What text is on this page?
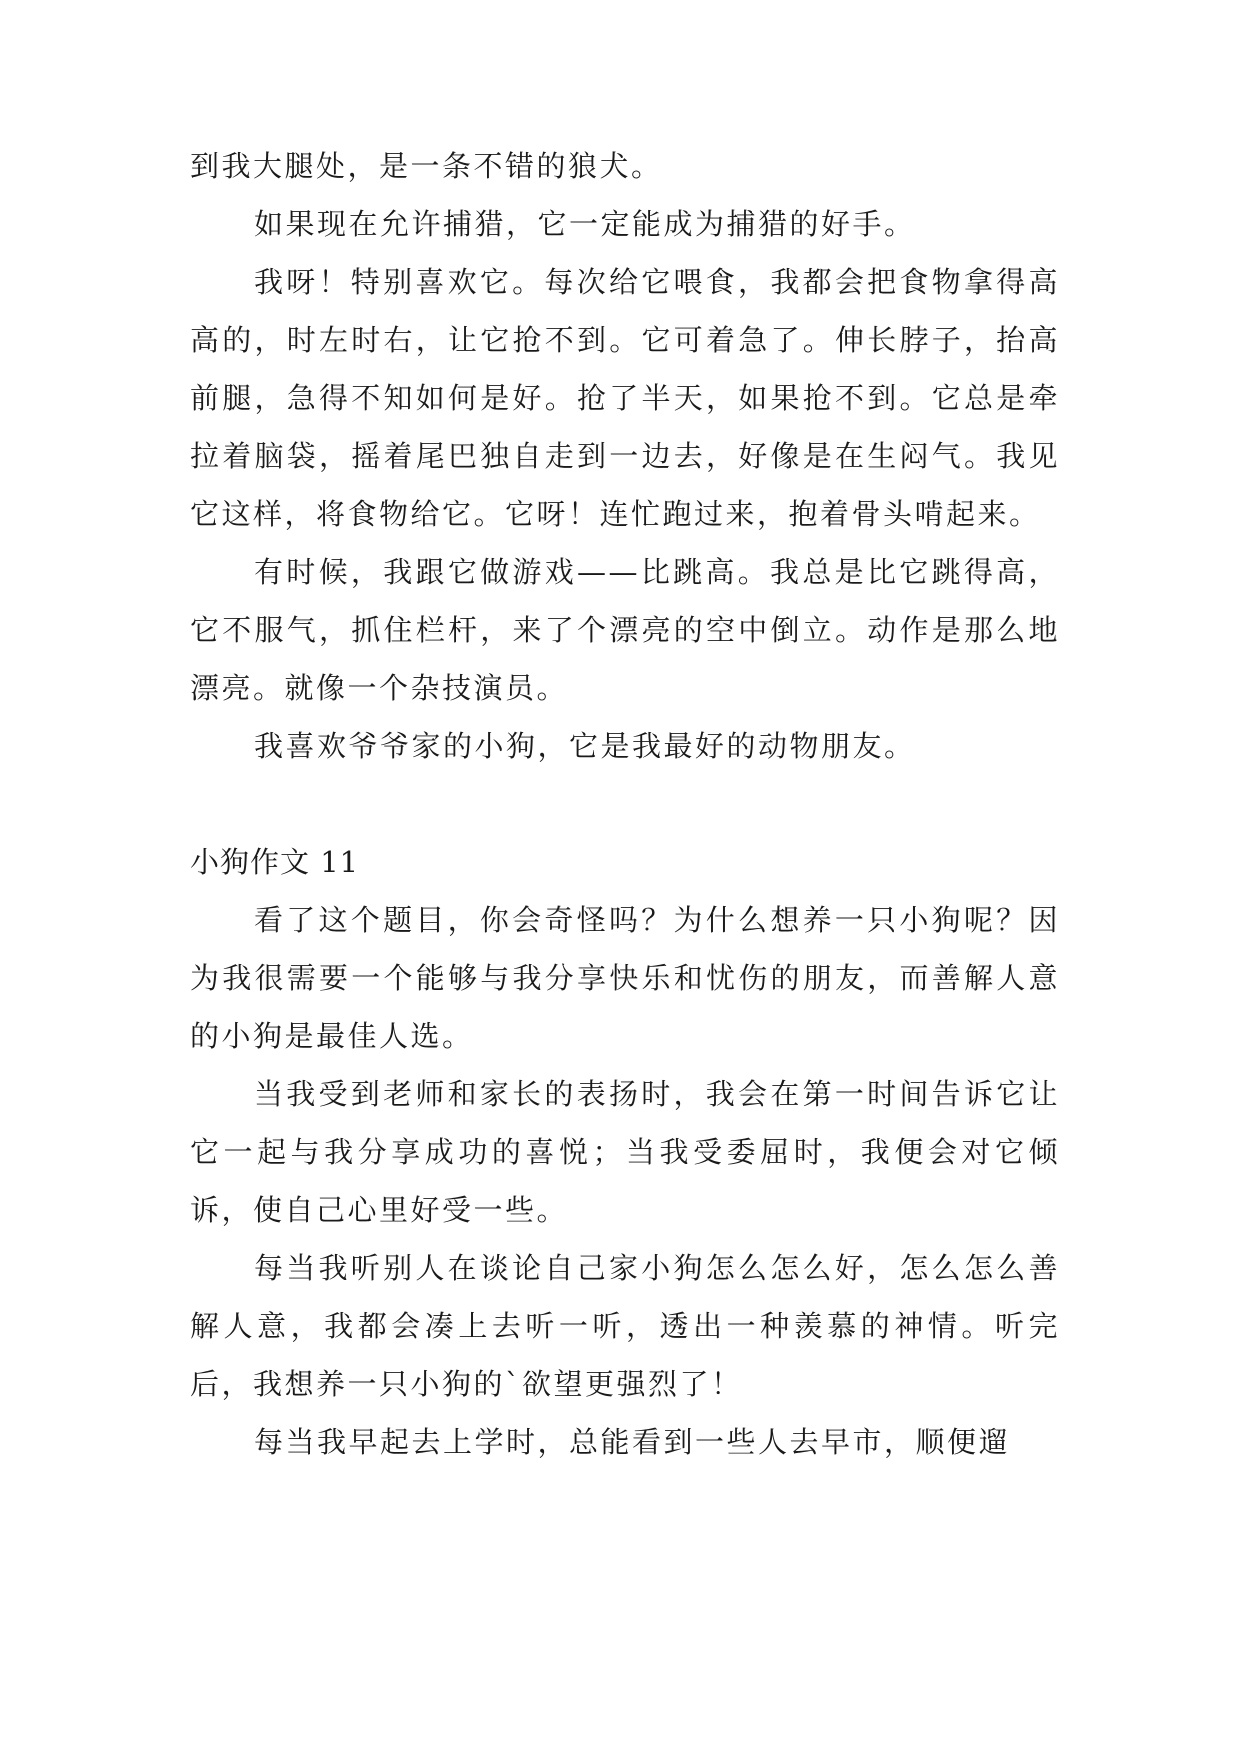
到我大腿处，是一条不错的狼犬。

如果现在允许捕猎，它一定能成为捕猎的好手。

我呀！特别喜欢它。每次给它喂食，我都会把食物拿得高高的，时左时右，让它抢不到。它可着急了。伸长脖子，抬高前腿，急得不知如何是好。抢了半天，如果抢不到。它总是牵拉着脑袋，摇着尾巴独自走到一边去，好像是在生闷气。我见它这样，将食物给它。它呀！连忙跑过来，抱着骨头啃起来。

有时候，我跟它做游戏——比跳高。我总是比它跳得高，它不服气，抓住栏杆，来了个漂亮的空中倒立。动作是那么地漂亮。就像一个杂技演员。

我喜欢爷爷家的小狗，它是我最好的动物朋友。

小狗作文 11

看了这个题目，你会奇怪吗？为什么想养一只小狗呢？因为我很需要一个能够与我分享快乐和忧伤的朋友，而善解人意的小狗是最佳人选。

当我受到老师和家长的表扬时，我会在第一时间告诉它让它一起与我分享成功的喜悦；当我受委屈时，我便会对它倾诉，使自己心里好受一些。

每当我听别人在谈论自己家小狗怎么怎么好，怎么怎么善解人意，我都会凑上去听一听，透出一种羡慕的神情。听完后，我想养一只小狗的`欲望更强烈了！

每当我早起去上学时，总能看到一些人去早市，顺便遛
